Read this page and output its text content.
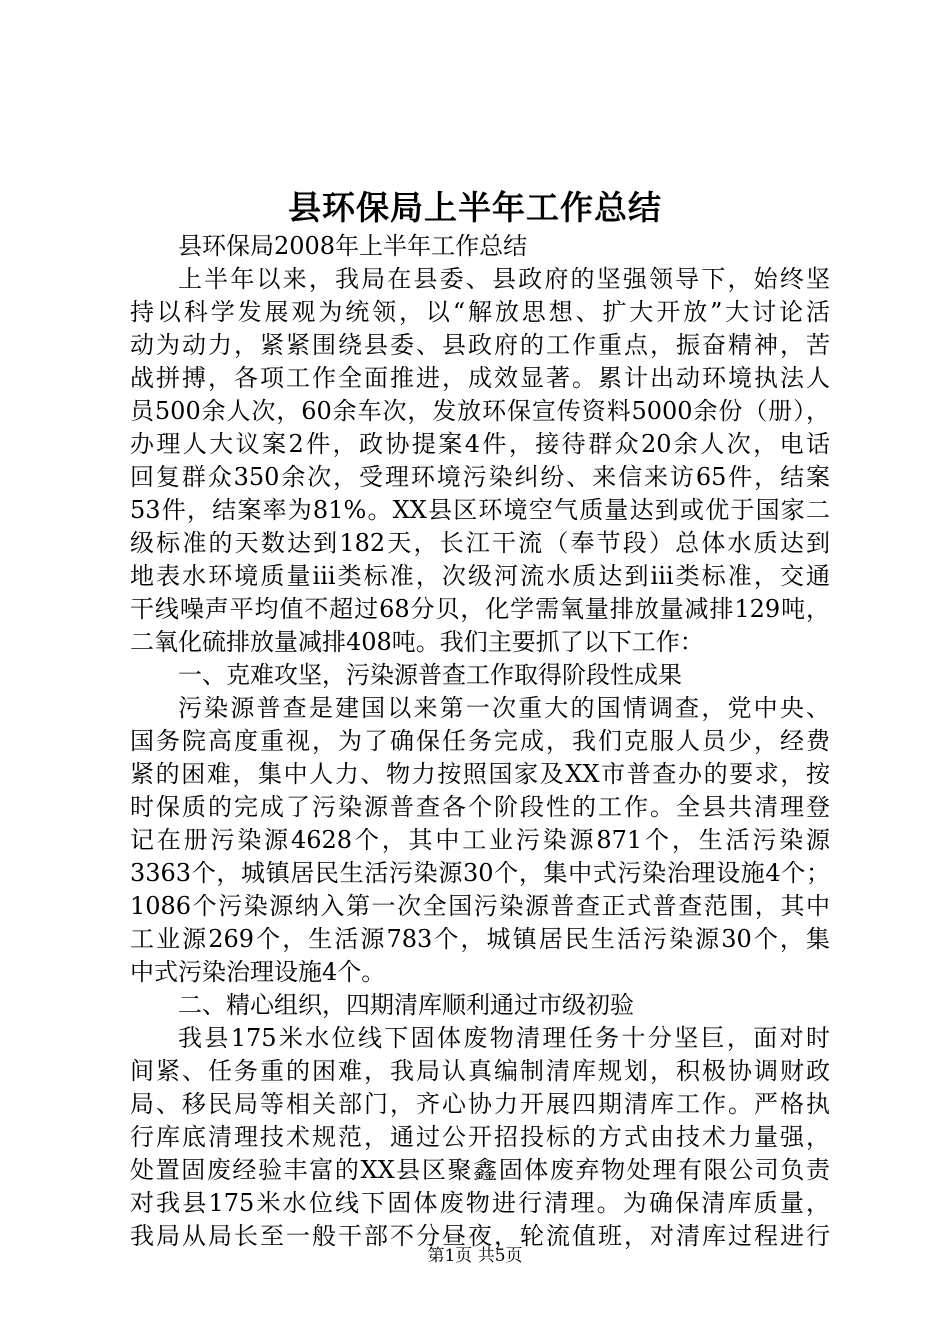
县环保局上半年工作总结
县环保局2008年上半年工作总结
上半年以来，我局在县委、县政府的坚强领导下，始终坚
持以科学发展观为统领，以“解放思想、扩大开放”大讨论活
动为动力，紧紧围绕县委、县政府的工作重点，振奋精神，苦
战拼搏，各项工作全面推进，成效显著。累计出动环境执法人
员500余人次，60余车次，发放环保宣传资料5000余份（册），
办理人大议案2件，政协提案4件，接待群众20余人次，电话
回复群众350余次，受理环境污染纠纷、来信来访65件，结案
53件，结案率为81%。XX县区环境空气质量达到或优于国家二
级标准的天数达到182天，长江干流（奉节段）总体水质达到
地表水环境质量iii类标准，次级河流水质达到iii类标准，交通
干线噪声平均值不超过68分贝，化学需氧量排放量减排129吨，
二氧化硫排放量减排408吨。我们主要抓了以下工作：
一、克难攻坚，污染源普查工作取得阶段性成果
污染源普查是建国以来第一次重大的国情调查，党中央、
国务院高度重视，为了确保任务完成，我们克服人员少，经费
紧的困难，集中人力、物力按照国家及XX市普查办的要求，按
时保质的完成了污染源普查各个阶段性的工作。全县共清理登
记在册污染源4628个，其中工业污染源871个，生活污染源
3363个，城镇居民生活污染源30个，集中式污染治理设施4个；
1086个污染源纳入第一次全国污染源普查正式普查范围，其中
工业源269个，生活源783个，城镇居民生活污染源30个，集
中式污染治理设施4个。
二、精心组织，四期清库顺利通过市级初验
我县175米水位线下固体废物清理任务十分坚巨，面对时
间紧、任务重的困难，我局认真编制清库规划，积极协调财政
局、移民局等相关部门，齐心协力开展四期清库工作。严格执
行库底清理技术规范，通过公开招投标的方式由技术力量强，
处置固废经验丰富的XX县区聚鑫固体废弃物处理有限公司负责
对我县175米水位线下固体废物进行清理。为确保清库质量，
我局从局长至一般干部不分昼夜，轮流值班，对清库过程进行
第1页 共5页
